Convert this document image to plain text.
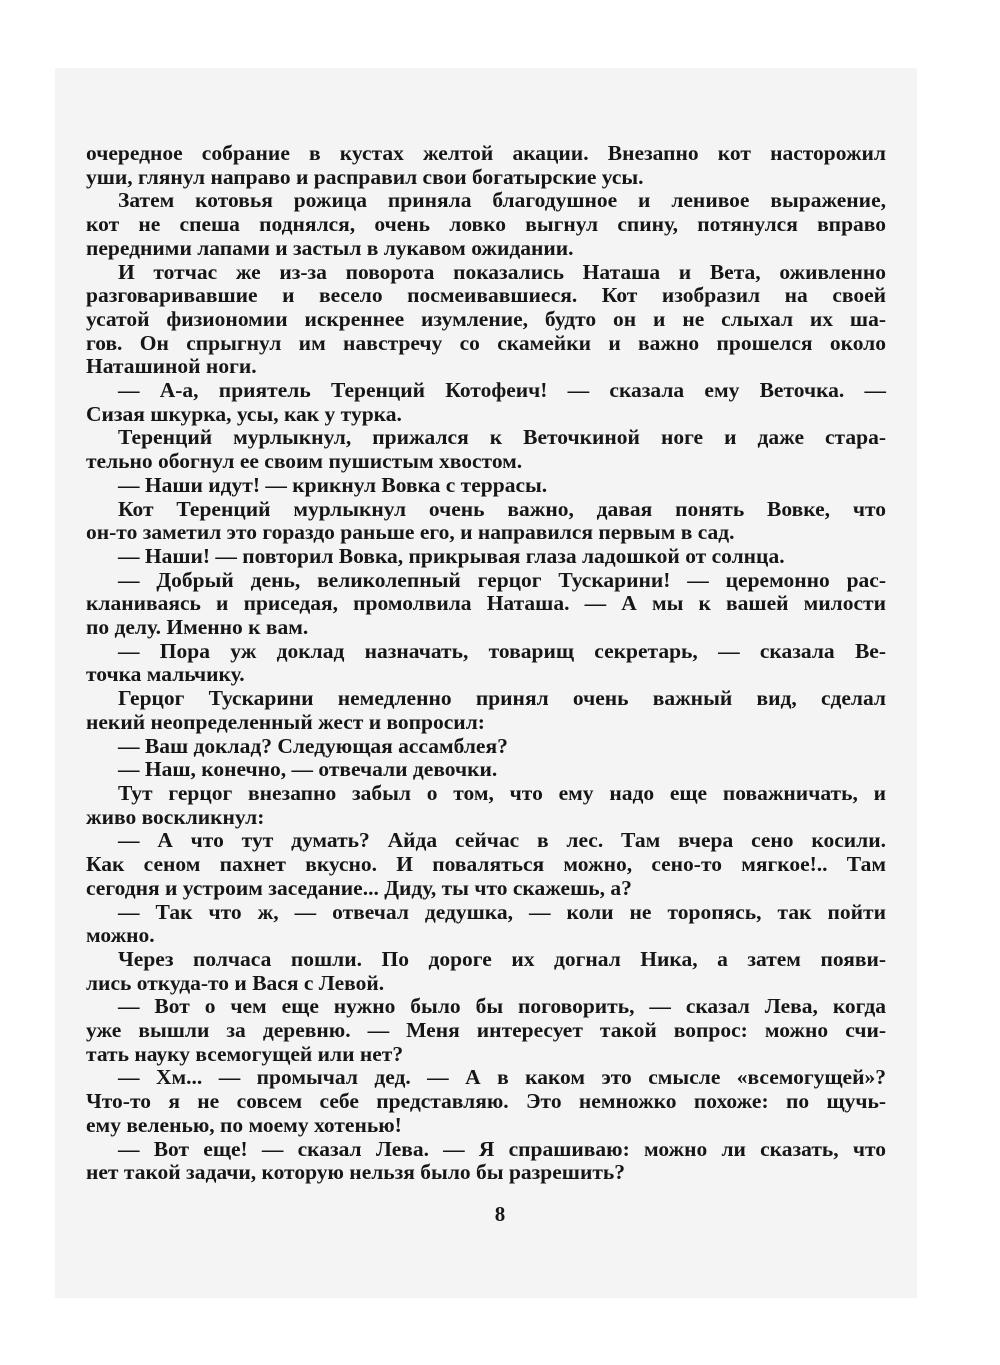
очередное собрание в кустах желтой акации. Внезапно кот насторожил
уши, глянул направо и расправил свои богатырские усы.
Затем котовья рожица приняла благодушное и ленивое выражение,
кот не спеша поднялся, очень ловко выгнул спину, потянулся вправо
передними лапами и застыл в лукавом ожидании.
И тотчас же из-за поворота показались Наташа и Вета, оживленно
разговаривавшие и весело посмеивавшиеся. Кот изобразил на своей
усатой физиономии искреннее изумление, будто он и не слыхал их ша-
гов. Он спрыгнул им навстречу со скамейки и важно прошелся около
Наташиной ноги.
— А-а, приятель Теренций Котофеич! — сказала ему Веточка. —
Сизая шкурка, усы, как у турка.
Теренций мурлыкнул, прижался к Веточкиной ноге и даже стара-
тельно обогнул ее своим пушистым хвостом.
— Наши идут! — крикнул Вовка с террасы.
Кот Теренций мурлыкнул очень важно, давая понять Вовке, что
он-то заметил это гораздо раньше его, и направился первым в сад.
— Наши! — повторил Вовка, прикрывая глаза ладошкой от солнца.
— Добрый день, великолепный герцог Тускарини! — церемонно рас-
кланиваясь и приседая, промолвила Наташа. — А мы к вашей милости
по делу. Именно к вам.
— Пора уж доклад назначать, товарищ секретарь, — сказала Ве-
точка мальчику.
Герцог Тускарини немедленно принял очень важный вид, сделал
некий неопределенный жест и вопросил:
— Ваш доклад? Следующая ассамблея?
— Наш, конечно, — отвечали девочки.
Тут герцог внезапно забыл о том, что ему надо еще поважничать, и
живо воскликнул:
— А что тут думать? Айда сейчас в лес. Там вчера сено косили.
Как сеном пахнет вкусно. И поваляться можно, сено-то мягкое!.. Там
сегодня и устроим заседание... Диду, ты что скажешь, а?
— Так что ж, — отвечал дедушка, — коли не торопясь, так пойти
можно.
Через полчаса пошли. По дороге их догнал Ника, а затем появи-
лись откуда-то и Вася с Левой.
— Вот о чем еще нужно было бы поговорить, — сказал Лева, когда
уже вышли за деревню. — Меня интересует такой вопрос: можно счи-
тать науку всемогущей или нет?
— Хм... — промычал дед. — А в каком это смысле «всемогущей»?
Что-то я не совсем себе представляю. Это немножко похоже: по щучь-
ему веленью, по моему хотенью!
— Вот еще! — сказал Лева. — Я спрашиваю: можно ли сказать, что
нет такой задачи, которую нельзя было бы разрешить?
8
